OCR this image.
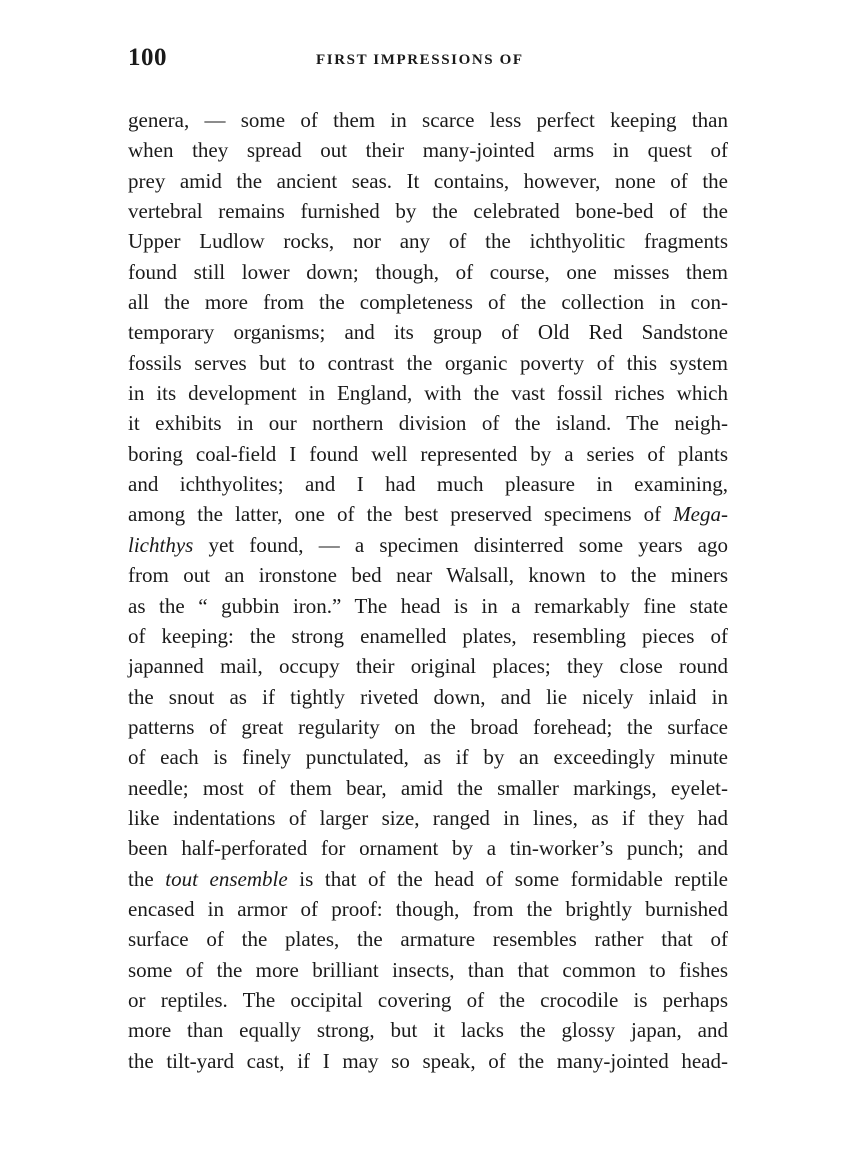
100	FIRST IMPRESSIONS OF
genera, — some of them in scarce less perfect keeping than
when they spread out their many-jointed arms in quest of
prey amid the ancient seas. It contains, however, none of the
vertebral remains furnished by the celebrated bone-bed of the
Upper Ludlow rocks, nor any of the ichthyolitic fragments
found still lower down; though, of course, one misses them
all the more from the completeness of the collection in con-
temporary organisms; and its group of Old Red Sandstone
fossils serves but to contrast the organic poverty of this system
in its development in England, with the vast fossil riches which
it exhibits in our northern division of the island. The neigh-
boring coal-field I found well represented by a series of plants
and ichthyolites; and I had much pleasure in examining,
among the latter, one of the best preserved specimens of Mega-
lichthys yet found, — a specimen disinterred some years ago
from out an ironstone bed near Walsall, known to the miners
as the “ gubbin iron.” The head is in a remarkably fine state
of keeping: the strong enamelled plates, resembling pieces of
japanned mail, occupy their original places; they close round
the snout as if tightly riveted down, and lie nicely inlaid in
patterns of great regularity on the broad forehead; the surface
of each is finely punctulated, as if by an exceedingly minute
needle; most of them bear, amid the smaller markings, eyelet-
like indentations of larger size, ranged in lines, as if they had
been half-perforated for ornament by a tin-worker’s punch; and
the tout ensemble is that of the head of some formidable reptile
encased in armor of proof: though, from the brightly burnished
surface of the plates, the armature resembles rather that of
some of the more brilliant insects, than that common to fishes
or reptiles. The occipital covering of the crocodile is perhaps
more than equally strong, but it lacks the glossy japan, and
the tilt-yard cast, if I may so speak, of the many-jointed head-
